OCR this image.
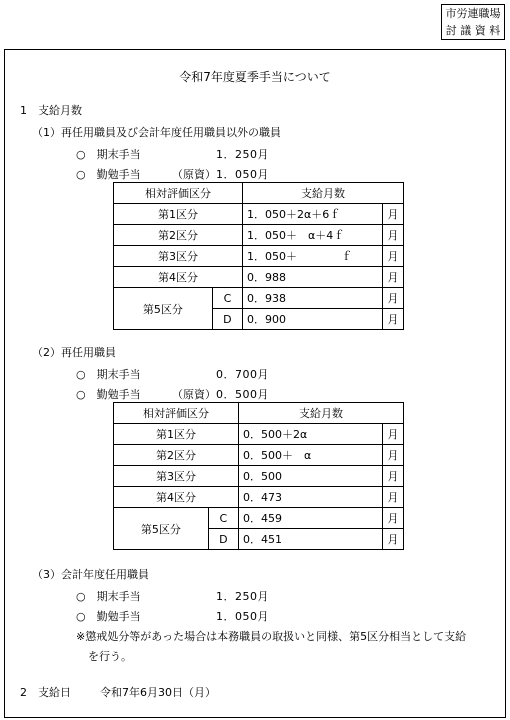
市労連職場
討 議 資 料
令和7年度夏季手当について
1　支給月数
（1）再任用職員及び会計年度任用職員以外の職員
○　期末手当	1．250月
○　勤勉手当	（原資） 1．050月
相対評価区分		支給月数	
第1区分		1．050＋2α＋6ｆ	月
第2区分		1．050＋　α＋4ｆ	月
第3区分		1．050＋　　　　ｆ	月
第4区分		0．988	月
第5区分	C	0．938	月
	D	0．900	月
（2）再任用職員
○　期末手当	0．700月
○　勤勉手当	（原資） 0．500月
相対評価区分		支給月数	
第1区分		0．500＋2α	月
第2区分		0．500＋　α	月
第3区分		0．500	月
第4区分		0．473	月
第5区分	C	0．459	月
	D	0．451	月
（3）会計年度任用職員
○　期末手当	1．250月
○　勤勉手当	1．050月
※懲戒処分等があった場合は本務職員の取扱いと同様、第5区分相当として支給
を行う。
2　支給日	令和7年6月30日（月）
